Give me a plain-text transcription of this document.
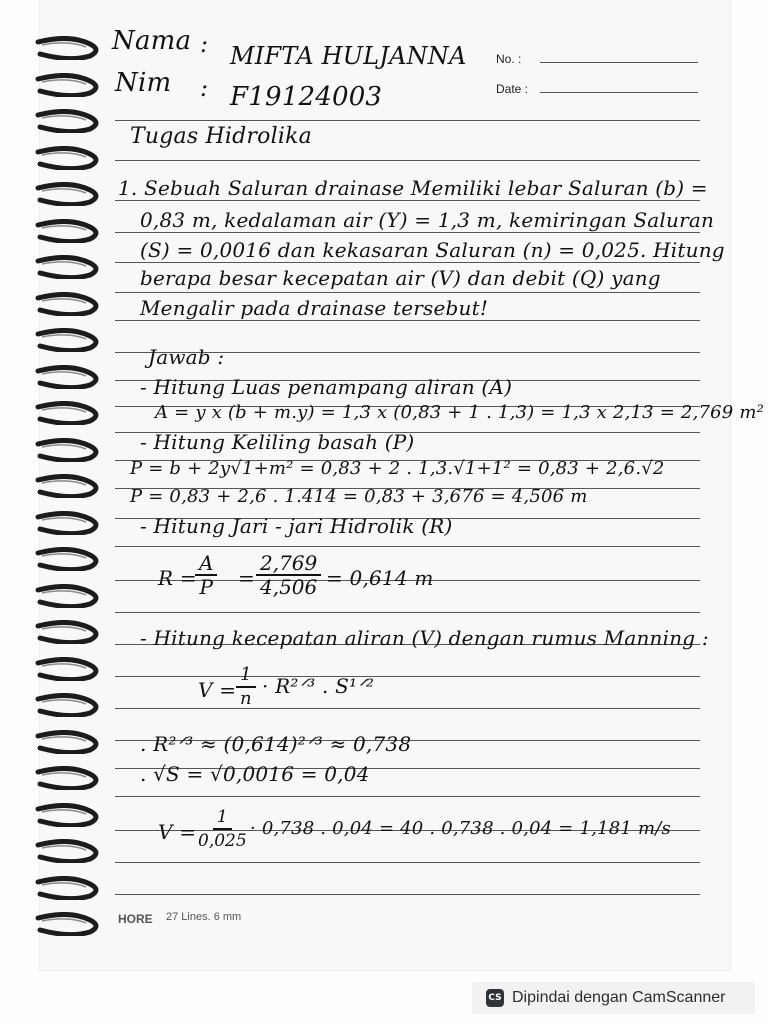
Nama : MIFTA HULJANNA
Nim : F19124003
No. :
Date :
Tugas Hidrolika
1. Sebuah Saluran drainase Memiliki lebar Saluran (b) =
0,83 m, kedalaman air (Y) = 1,3 m, kemiringan Saluran
(S) = 0,0016 dan kekasaran Saluran (n) = 0,025. Hitung
berapa besar kecepatan air (V) dan debit (Q) yang
Mengalir pada drainase tersebut!
Jawab :
- Hitung Luas penampang aliran (A)
A = y x (b + m.y) = 1,3 x (0,83 + 1 . 1,3) = 1,3 x 2,13 = 2,769 m²
- Hitung Keliling basah (P)
P = b + 2y√1+m² = 0,83 + 2 . 1,3.√1+1² = 0,83 + 2,6.√2
P = 0,83 + 2,6 . 1.414 = 0,83 + 3,676 = 4,506 m
- Hitung Jari - jari Hidrolik (R)
R =
$\frac{A}{P} = \frac{2,769}{4,506} = 0,614$ m
- Hitung kecepatan aliran (V) dengan rumus Manning :
$V = \frac{1}{n}$ · R²ᐟ³ . S¹ᐟ²
. R²ᐟ³ ≈ (0,614)²ᐟ³ ≈ 0,738
. √S = √0,0016 = 0,04
V =
$\frac{1}{0,025} \cdot 0,738$ . 0,04 = 40 . 0,738 . 0,04 = 1,181 m/s
HORE 27 Lines. 6 mm
CS Dipindai dengan CamScanner
